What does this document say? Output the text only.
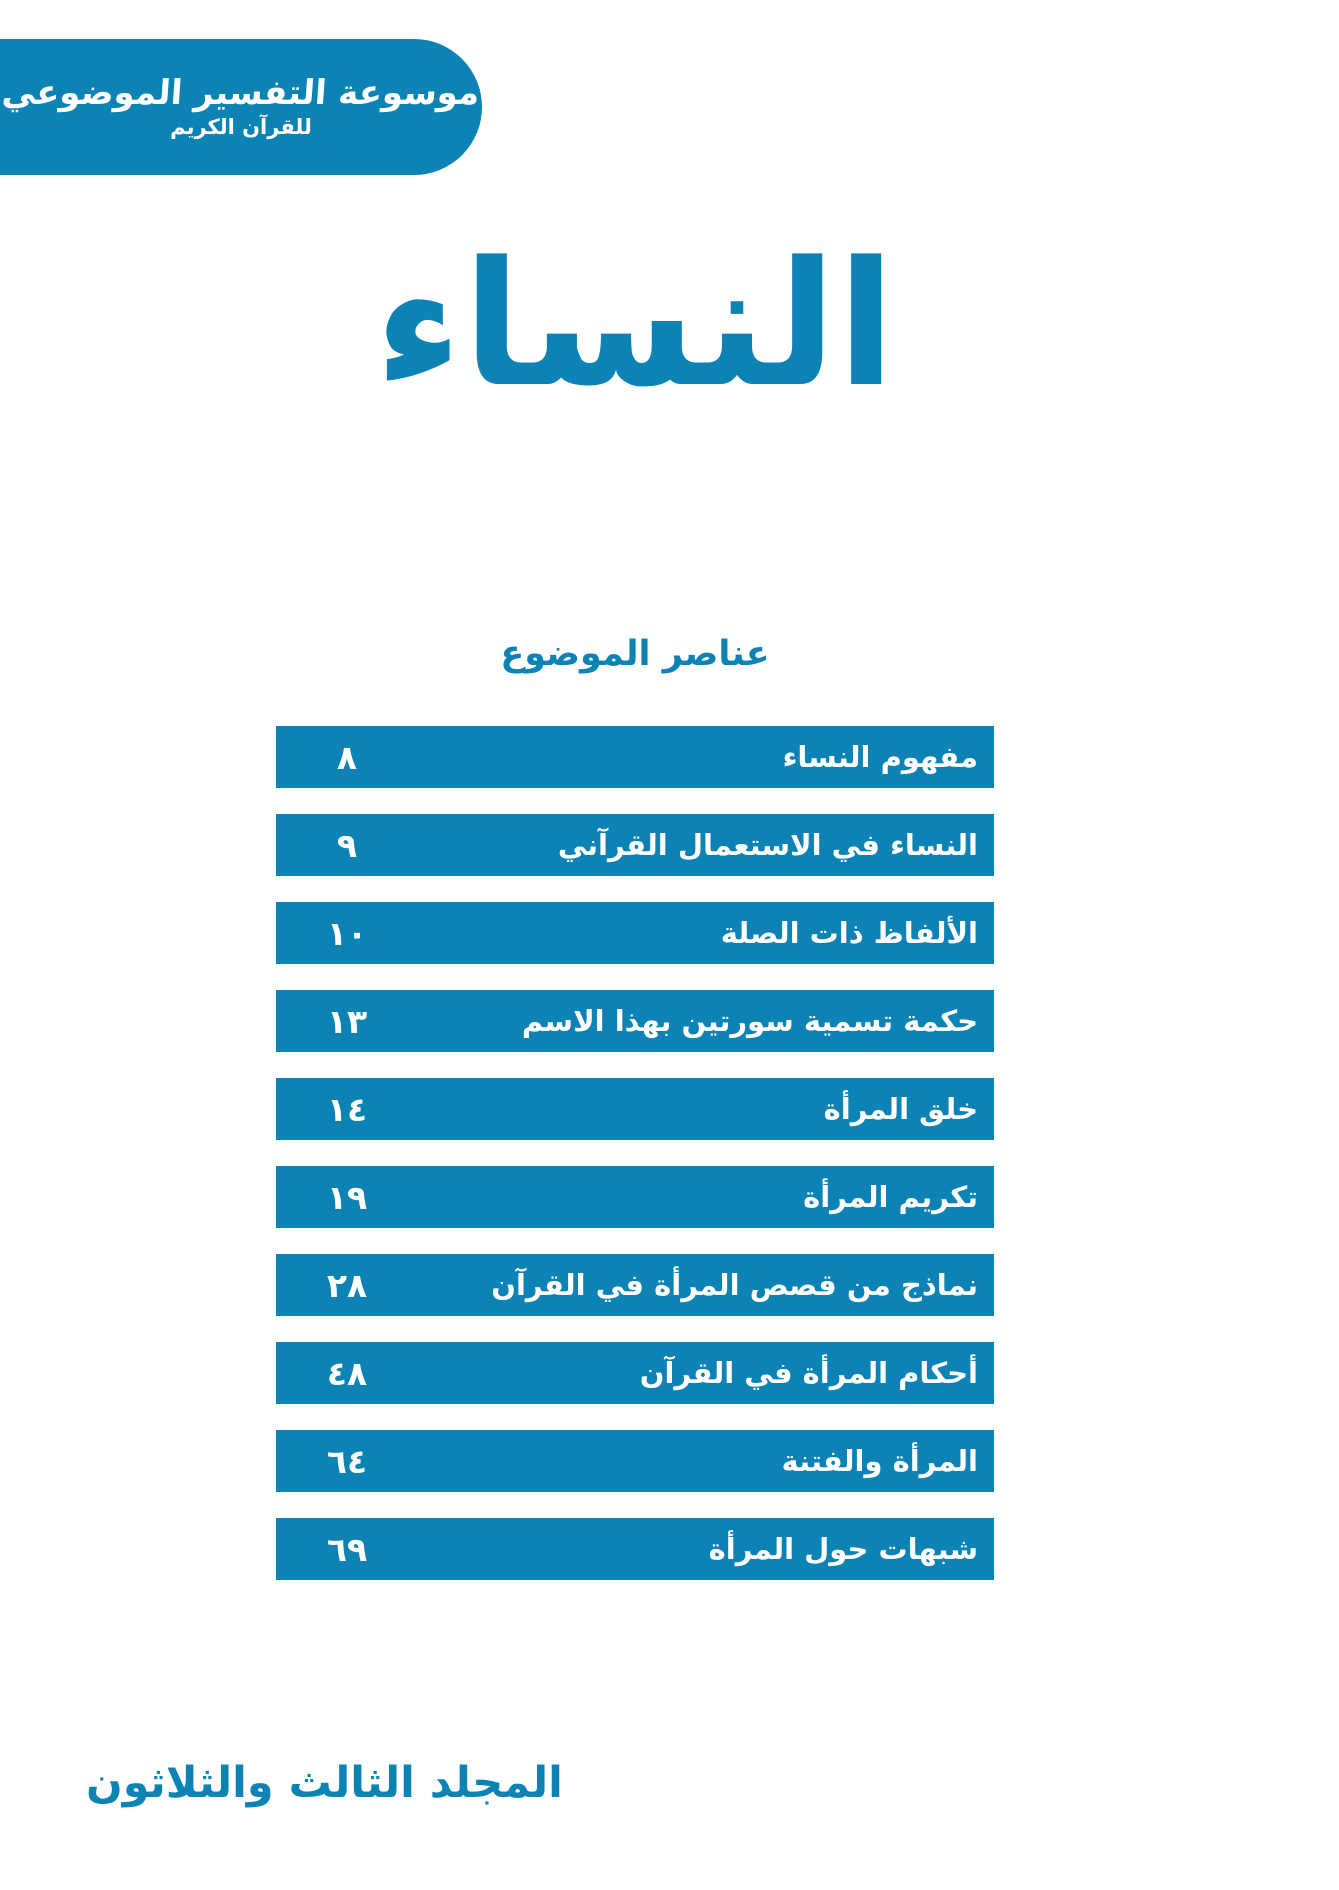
موسوعة التفسير الموضوعي
للقرآن الكريم
النساء
عناصر الموضوع
مفهوم النساء
٨
النساء في الاستعمال القرآني
٩
الألفاظ ذات الصلة
١٠
حكمة تسمية سورتين بهذا الاسم
١٣
خلق المرأة
١٤
تكريم المرأة
١٩
نماذج من قصص المرأة في القرآن
٢٨
أحكام المرأة في القرآن
٤٨
المرأة والفتنة
٦٤
شبهات حول المرأة
٦٩
المجلد الثالث والثلاثون
